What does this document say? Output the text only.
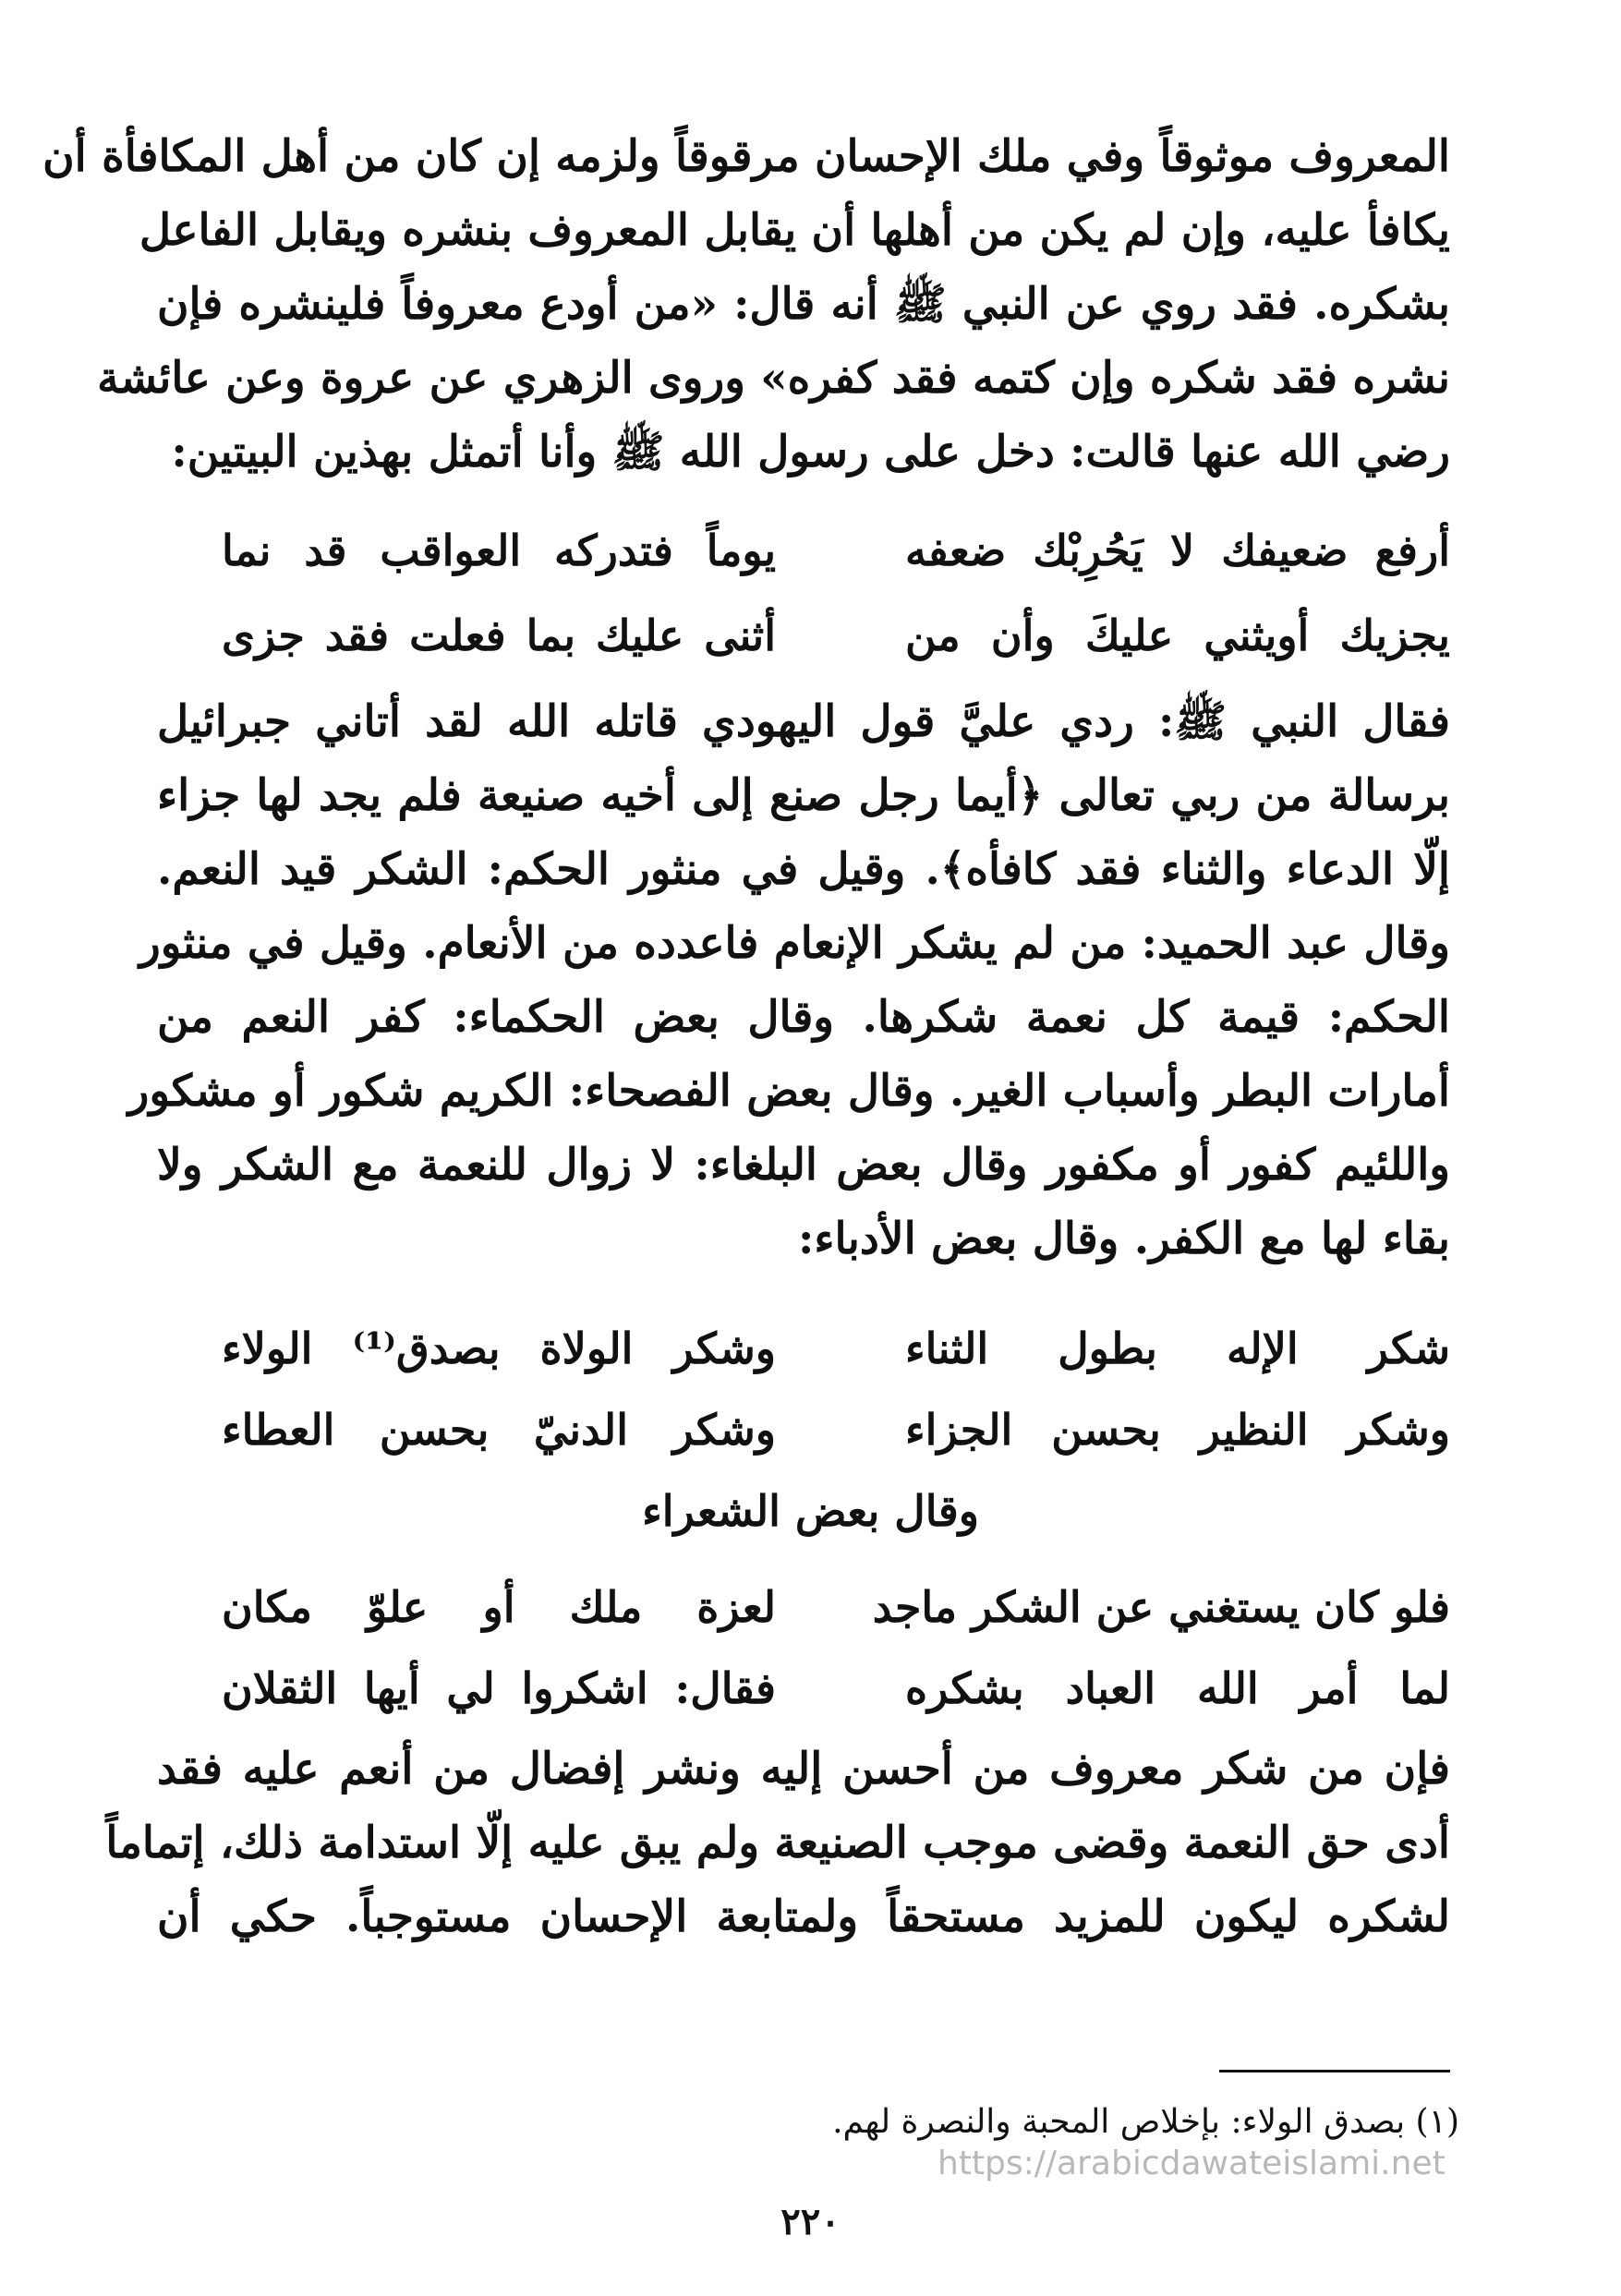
المعروف موثوقاً وفي ملك الإحسان مرقوقاً ولزمه إن كان من أهل المكافأة أن
يكافأ عليه، وإن لم يكن من أهلها أن يقابل المعروف بنشره ويقابل الفاعل
بشكره. فقد روي عن النبي ﷺ أنه قال: «من أودع معروفاً فلينشره فإن
نشره فقد شكره وإن كتمه فقد كفره» وروى الزهري عن عروة وعن عائشة
رضي الله عنها قالت: دخل على رسول الله ﷺ وأنا أتمثل بهذين البيتين:
أرفع ضعيفك لا يَحُرِبْك ضعفه
يوماً فتدركه العواقب قد نما
يجزيك أويثني عليكَ وأن من
أثنى عليك بما فعلت فقد جزى
فقال النبي ﷺ: ردي عليَّ قول اليهودي قاتله الله لقد أتاني جبرائيل
برسالة من ربي تعالى ﴿أيما رجل صنع إلى أخيه صنيعة فلم يجد لها جزاء
إلّا الدعاء والثناء فقد كافأه﴾. وقيل في منثور الحكم: الشكر قيد النعم.
وقال عبد الحميد: من لم يشكر الإنعام فاعدده من الأنعام. وقيل في منثور
الحكم: قيمة كل نعمة شكرها. وقال بعض الحكماء: كفر النعم من
أمارات البطر وأسباب الغير. وقال بعض الفصحاء: الكريم شكور أو مشكور
واللئيم كفور أو مكفور وقال بعض البلغاء: لا زوال للنعمة مع الشكر ولا
بقاء لها مع الكفر. وقال بعض الأدباء:
شكر الإله بطول الثناء
وشكر الولاة بصدق⁽¹⁾ الولاء
وشكر النظير بحسن الجزاء
وشكر الدنيّ بحسن العطاء
وقال بعض الشعراء
فلو كان يستغني عن الشكر ماجد
لعزة ملك أو علوّ مكان
لما أمر الله العباد بشكره
فقال: اشكروا لي أيها الثقلان
فإن من شكر معروف من أحسن إليه ونشر إفضال من أنعم عليه فقد
أدى حق النعمة وقضى موجب الصنيعة ولم يبق عليه إلّا استدامة ذلك، إتماماً
لشكره ليكون للمزيد مستحقاً ولمتابعة الإحسان مستوجباً. حكي أن
(١) بصدق الولاء: بإخلاص المحبة والنصرة لهم.
https://arabicdawateislami.net
٢٢٠
